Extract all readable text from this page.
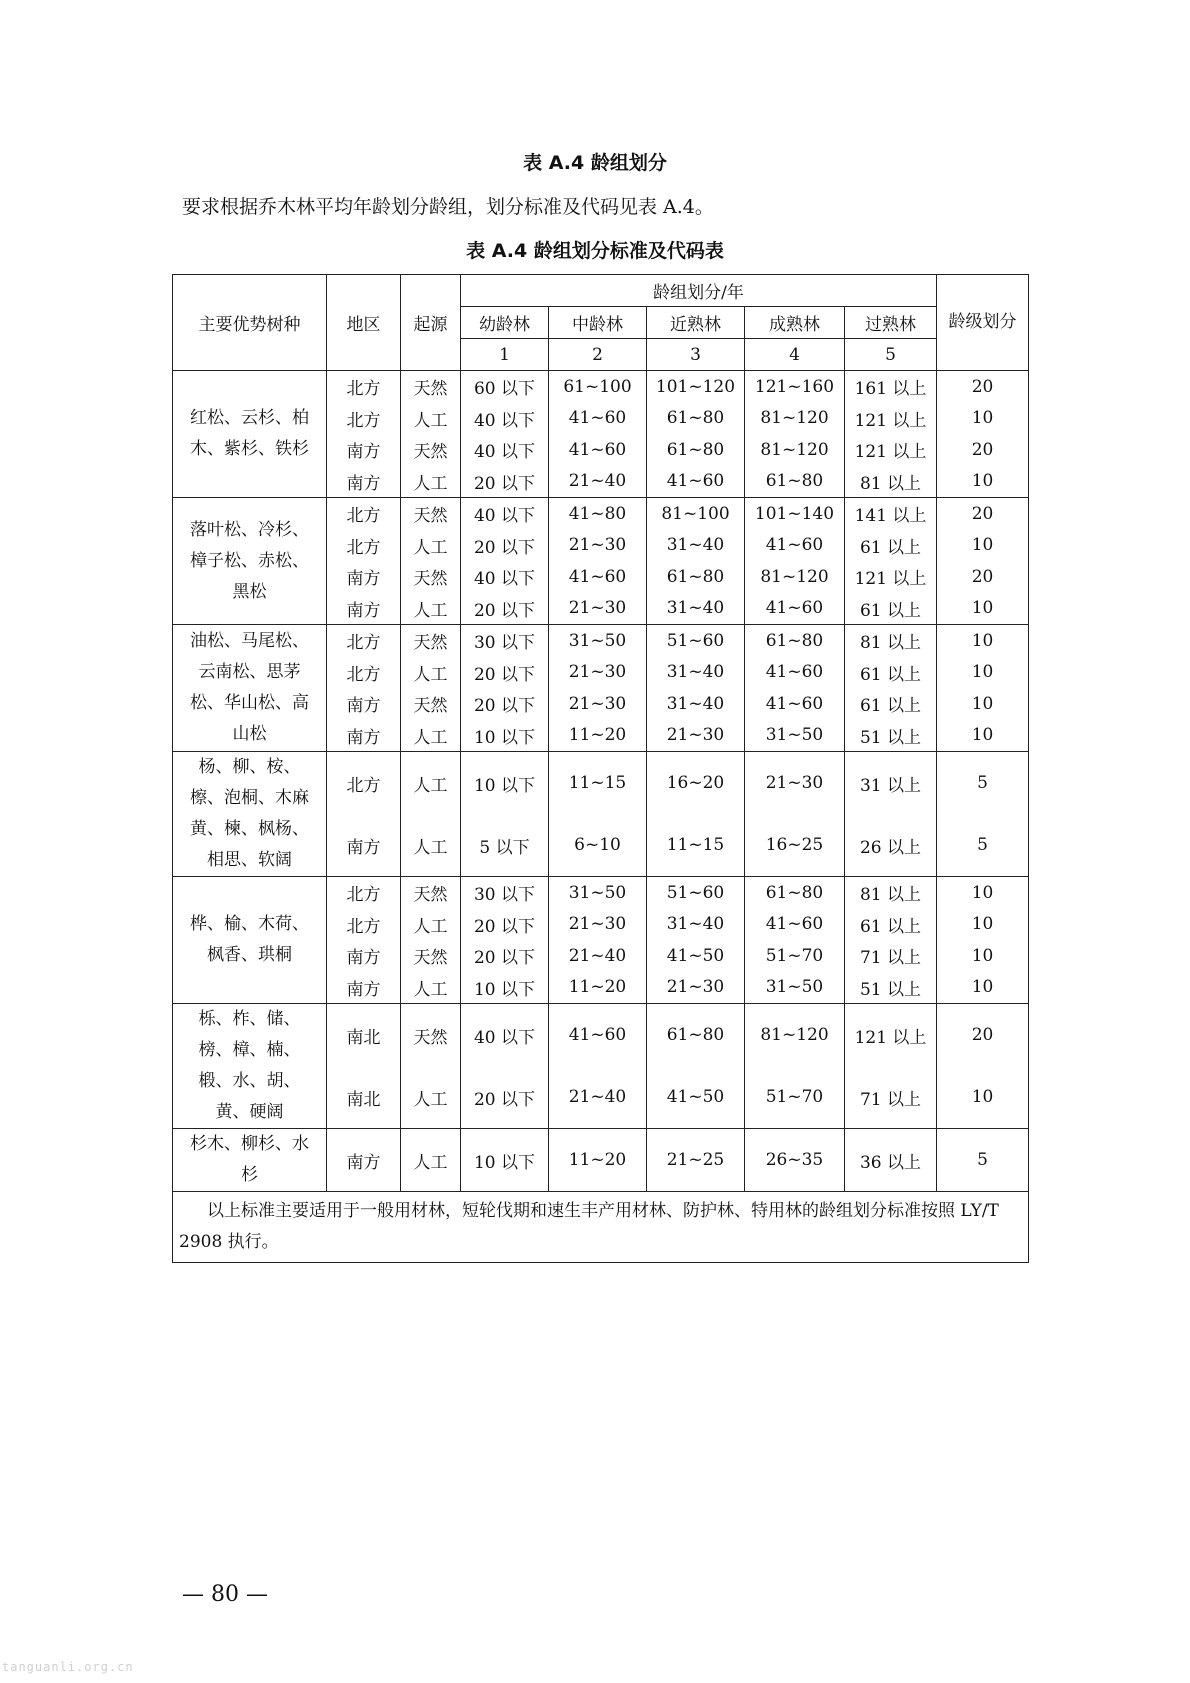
表 A.4 龄组划分
要求根据乔木林平均年龄划分龄组，划分标准及代码见表 A.4。
表 A.4 龄组划分标准及代码表
主要优势树种	地区	起源	龄组划分/年					龄级划分
			幼龄林	中龄林	近熟林	成熟林	过熟林	
			1	2	3	4	5	
红松、云杉、柏木、紫杉、铁杉	北方	天然	60 以下	61~100	101~120	121~160	161 以上	20
	北方	人工	40 以下	41~60	61~80	81~120	121 以上	10
	南方	天然	40 以下	41~60	61~80	81~120	121 以上	20
	南方	人工	20 以下	21~40	41~60	61~80	81 以上	10
落叶松、冷杉、樟子松、赤松、黑松	北方	天然	40 以下	41~80	81~100	101~140	141 以上	20
	北方	人工	20 以下	21~30	31~40	41~60	61 以上	10
	南方	天然	40 以下	41~60	61~80	81~120	121 以上	20
	南方	人工	20 以下	21~30	31~40	41~60	61 以上	10
油松、马尾松、云南松、思茅松、华山松、高山松	北方	天然	30 以下	31~50	51~60	61~80	81 以上	10
	北方	人工	20 以下	21~30	31~40	41~60	61 以上	10
	南方	天然	20 以下	21~30	31~40	41~60	61 以上	10
	南方	人工	10 以下	11~20	21~30	31~50	51 以上	10
杨、柳、桉、檫、泡桐、木麻黄、楝、枫杨、相思、软阔	北方	人工	10 以下	11~15	16~20	21~30	31 以上	5
	南方	人工	5 以下	6~10	11~15	16~25	26 以上	5
桦、榆、木荷、枫香、珙桐	北方	天然	30 以下	31~50	51~60	61~80	81 以上	10
	北方	人工	20 以下	21~30	31~40	41~60	61 以上	10
	南方	天然	20 以下	21~40	41~50	51~70	71 以上	10
	南方	人工	10 以下	11~20	21~30	31~50	51 以上	10
栎、柞、储、榜、樟、楠、椴、水、胡、黄、硬阔	南北	天然	40 以下	41~60	61~80	81~120	121 以上	20
	南北	人工	20 以下	21~40	41~50	51~70	71 以上	10
杉木、柳杉、水杉	南方	人工	10 以下	11~20	21~25	26~35	36 以上	5
以上标准主要适用于一般用材林，短轮伐期和速生丰产用材林、防护林、特用林的龄组划分标准按照 LY/T 2908 执行。								
— 80 —
tanguanli.org.cn
